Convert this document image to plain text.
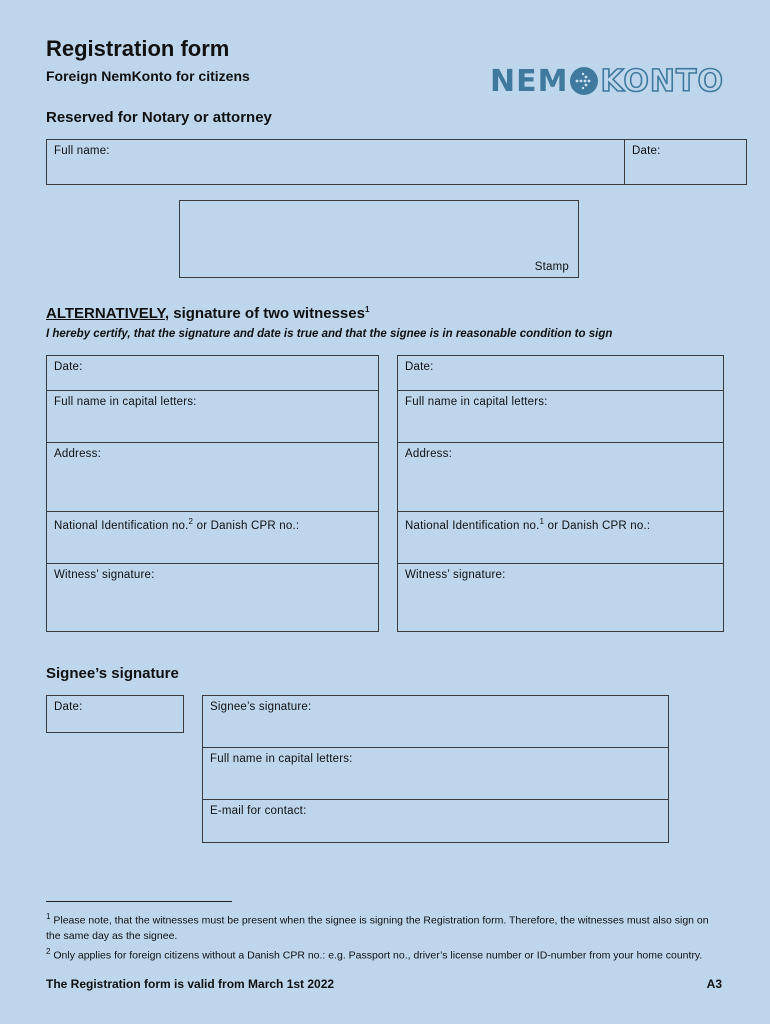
Registration form
Foreign NemKonto for citizens	NEM KONTO
Reserved for Notary or attorney
Full name:	Date:
Stamp
ALTERNATIVELY, signature of two witnesses$^1$
I hereby certify, that the signature and date is true and that the signee is in reasonable condition to sign
Date:
Full name in capital letters:
Address:
National Identification no.$^2$ or Danish CPR no.:
Witness’ signature:
Date:
Full name in capital letters:
Address:
National Identification no.$^1$ or Danish CPR no.:
Witness’ signature:
Signee’s signature
Date:	Signee’s signature:
Full name in capital letters:
E-mail for contact:
$^1$ Please note, that the witnesses must be present when the signee is signing the Registration form. Therefore, the witnesses must also sign on the same day as the signee.
$^2$ Only applies for foreign citizens without a Danish CPR no.: e.g. Passport no., driver’s license number or ID-number from your home country.
The Registration form is valid from March 1st 2022	A3
